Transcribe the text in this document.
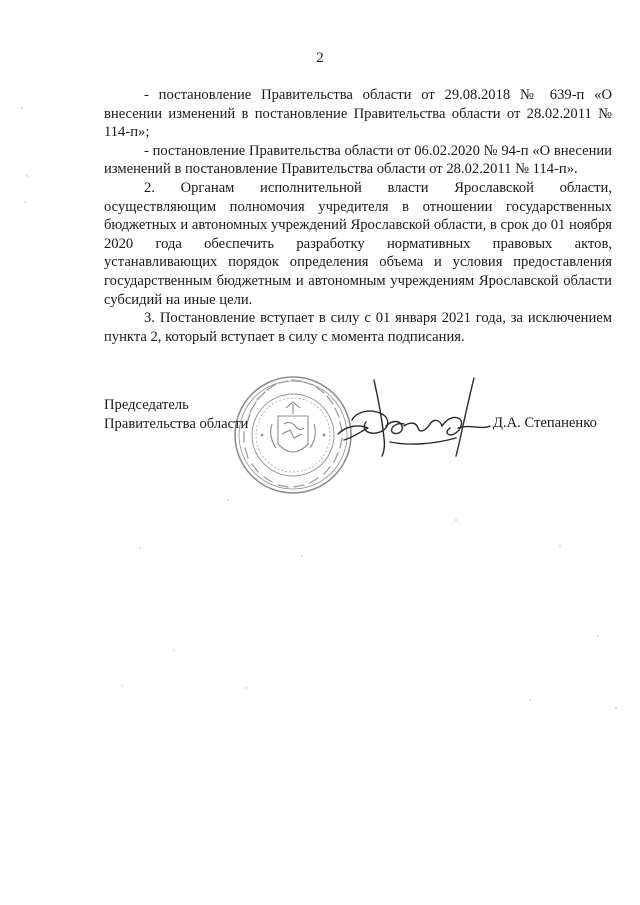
2

- постановление Правительства области от 29.08.2018 № 639-п «О внесении изменений в постановление Правительства области от 28.02.2011 № 114-п»;

- постановление Правительства области от 06.02.2020 № 94-п «О внесении изменений в постановление Правительства области от 28.02.2011 № 114-п».

2. Органам исполнительной власти Ярославской области, осуществляющим полномочия учредителя в отношении государственных бюджетных и автономных учреждений Ярославской области, в срок до 01 ноября 2020 года обеспечить разработку нормативных правовых актов, устанавливающих порядок определения объема и условия предоставления государственным бюджетным и автономным учреждениям Ярославской области субсидий на иные цели.

3. Постановление вступает в силу с 01 января 2021 года, за исключением пункта 2, который вступает в силу с момента подписания.

Председатель
Правительства области	Д.А. Степаненко
